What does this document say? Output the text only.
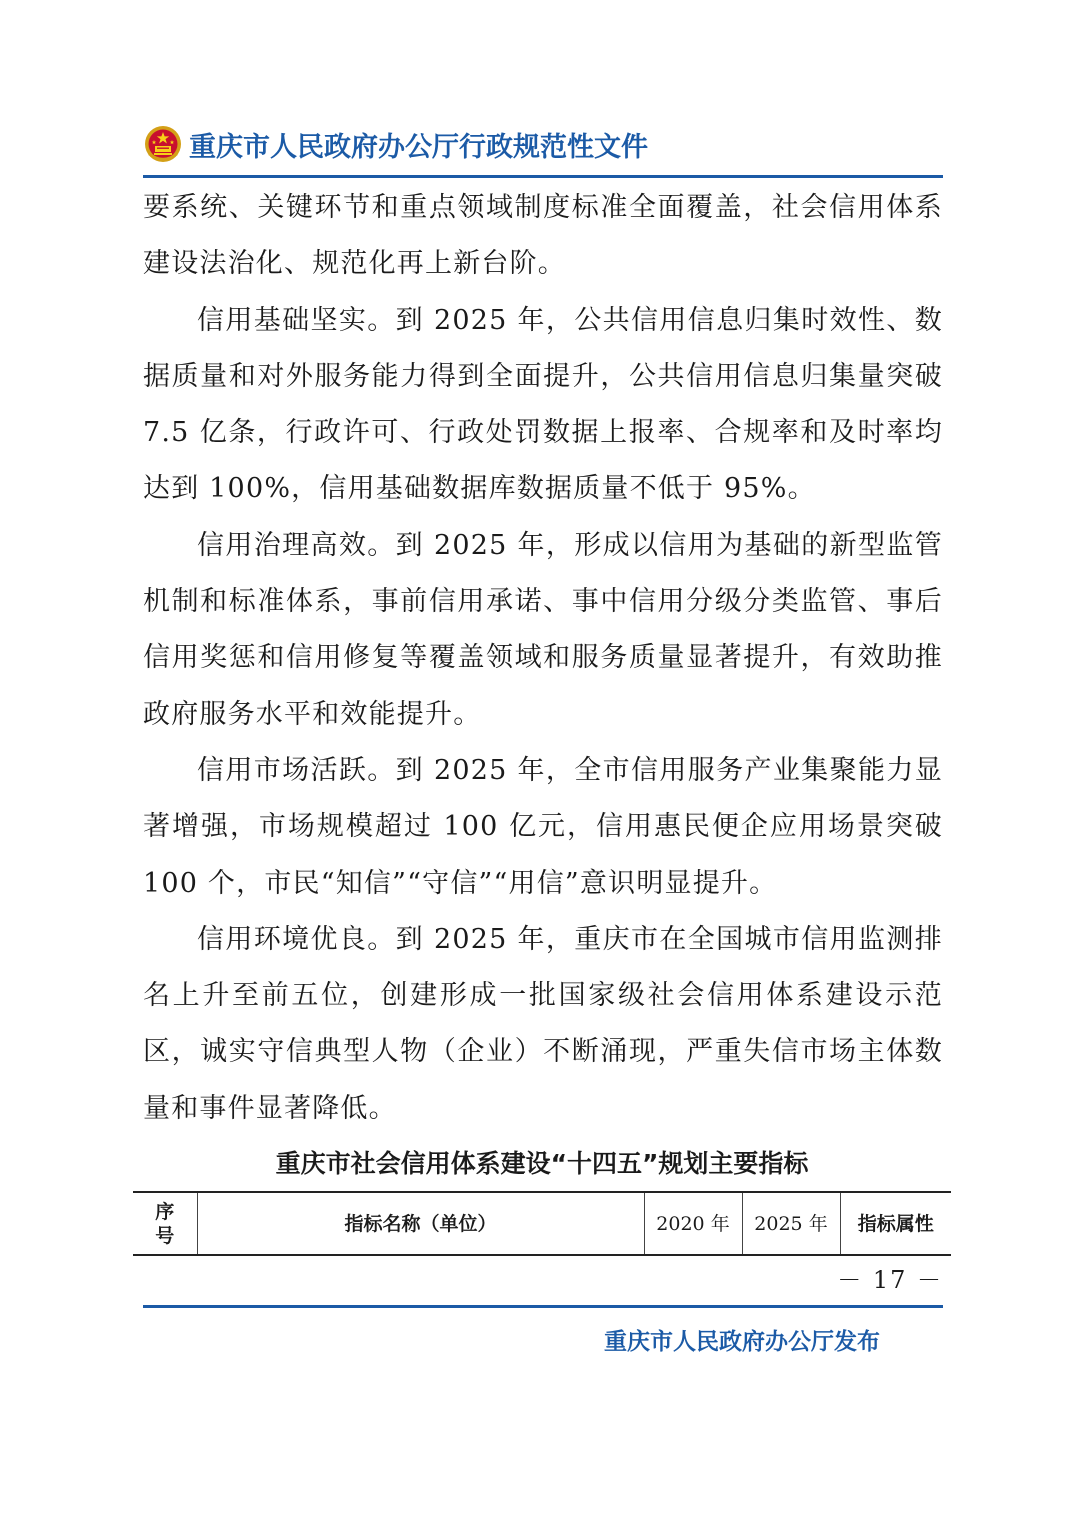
重庆市人民政府办公厅行政规范性文件

要系统、关键环节和重点领域制度标准全面覆盖，社会信用体系建设法治化、规范化再上新台阶。

信用基础坚实。到 2025 年，公共信用信息归集时效性、数据质量和对外服务能力得到全面提升，公共信用信息归集量突破 7.5 亿条，行政许可、行政处罚数据上报率、合规率和及时率均达到 100%，信用基础数据库数据质量不低于 95%。

信用治理高效。到 2025 年，形成以信用为基础的新型监管机制和标准体系，事前信用承诺、事中信用分级分类监管、事后信用奖惩和信用修复等覆盖领域和服务质量显著提升，有效助推政府服务水平和效能提升。

信用市场活跃。到 2025 年，全市信用服务产业集聚能力显著增强，市场规模超过 100 亿元，信用惠民便企应用场景突破 100 个，市民“知信”“守信”“用信”意识明显提升。

信用环境优良。到 2025 年，重庆市在全国城市信用监测排名上升至前五位，创建形成一批国家级社会信用体系建设示范区，诚实守信典型人物（企业）不断涌现，严重失信市场主体数量和事件显著降低。

重庆市社会信用体系建设“十四五”规划主要指标
序号	指标名称（单位）	2020 年	2025 年	指标属性
－ 17 －
重庆市人民政府办公厅发布
